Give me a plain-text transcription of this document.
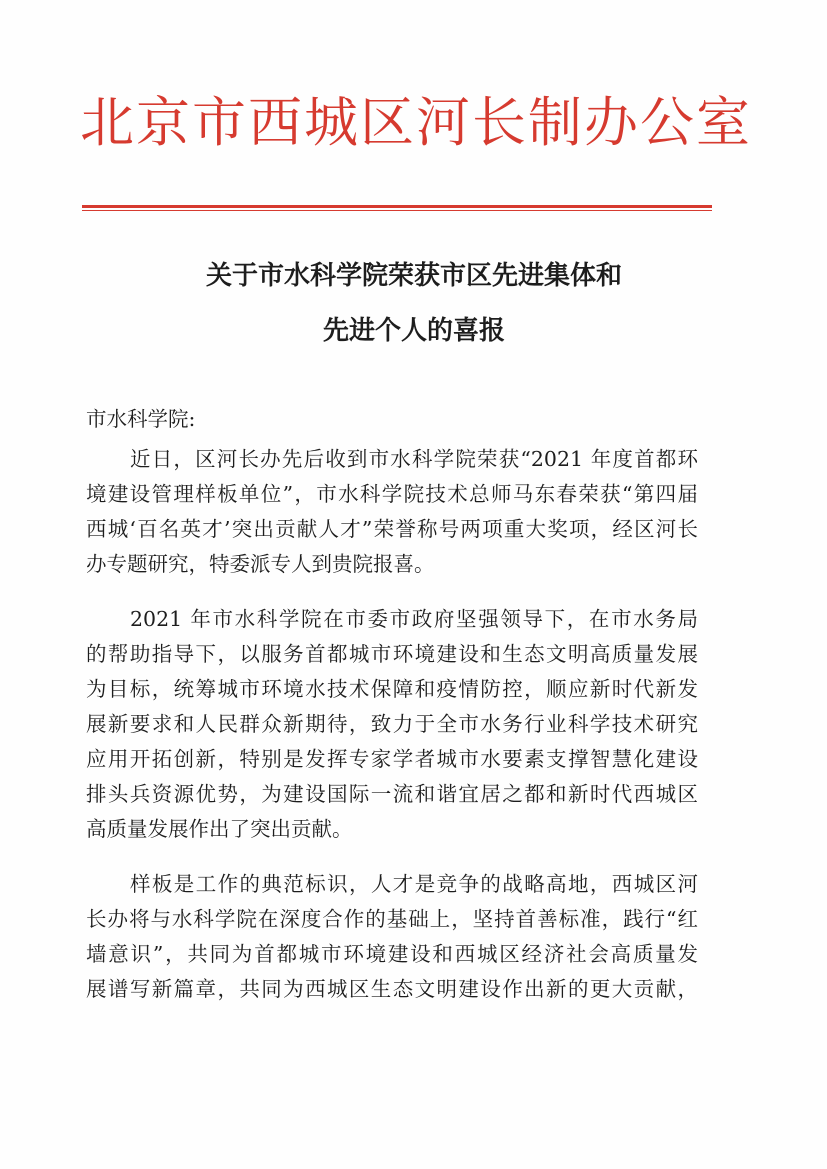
北京市西城区河长制办公室
关于市水科学院荣获市区先进集体和
先进个人的喜报
市水科学院:
近日，区河长办先后收到市水科学院荣获“2021 年度首都环
境建设管理样板单位”，市水科学院技术总师马东春荣获“第四届
西城‘百名英才’突出贡献人才”荣誉称号两项重大奖项，经区河长
办专题研究，特委派专人到贵院报喜。
2021 年市水科学院在市委市政府坚强领导下，在市水务局
的帮助指导下，以服务首都城市环境建设和生态文明高质量发展
为目标，统筹城市环境水技术保障和疫情防控，顺应新时代新发
展新要求和人民群众新期待，致力于全市水务行业科学技术研究
应用开拓创新，特别是发挥专家学者城市水要素支撑智慧化建设
排头兵资源优势，为建设国际一流和谐宜居之都和新时代西城区
高质量发展作出了突出贡献。
样板是工作的典范标识，人才是竞争的战略高地，西城区河
长办将与水科学院在深度合作的基础上，坚持首善标准，践行“红
墙意识”，共同为首都城市环境建设和西城区经济社会高质量发
展谱写新篇章，共同为西城区生态文明建设作出新的更大贡献，
